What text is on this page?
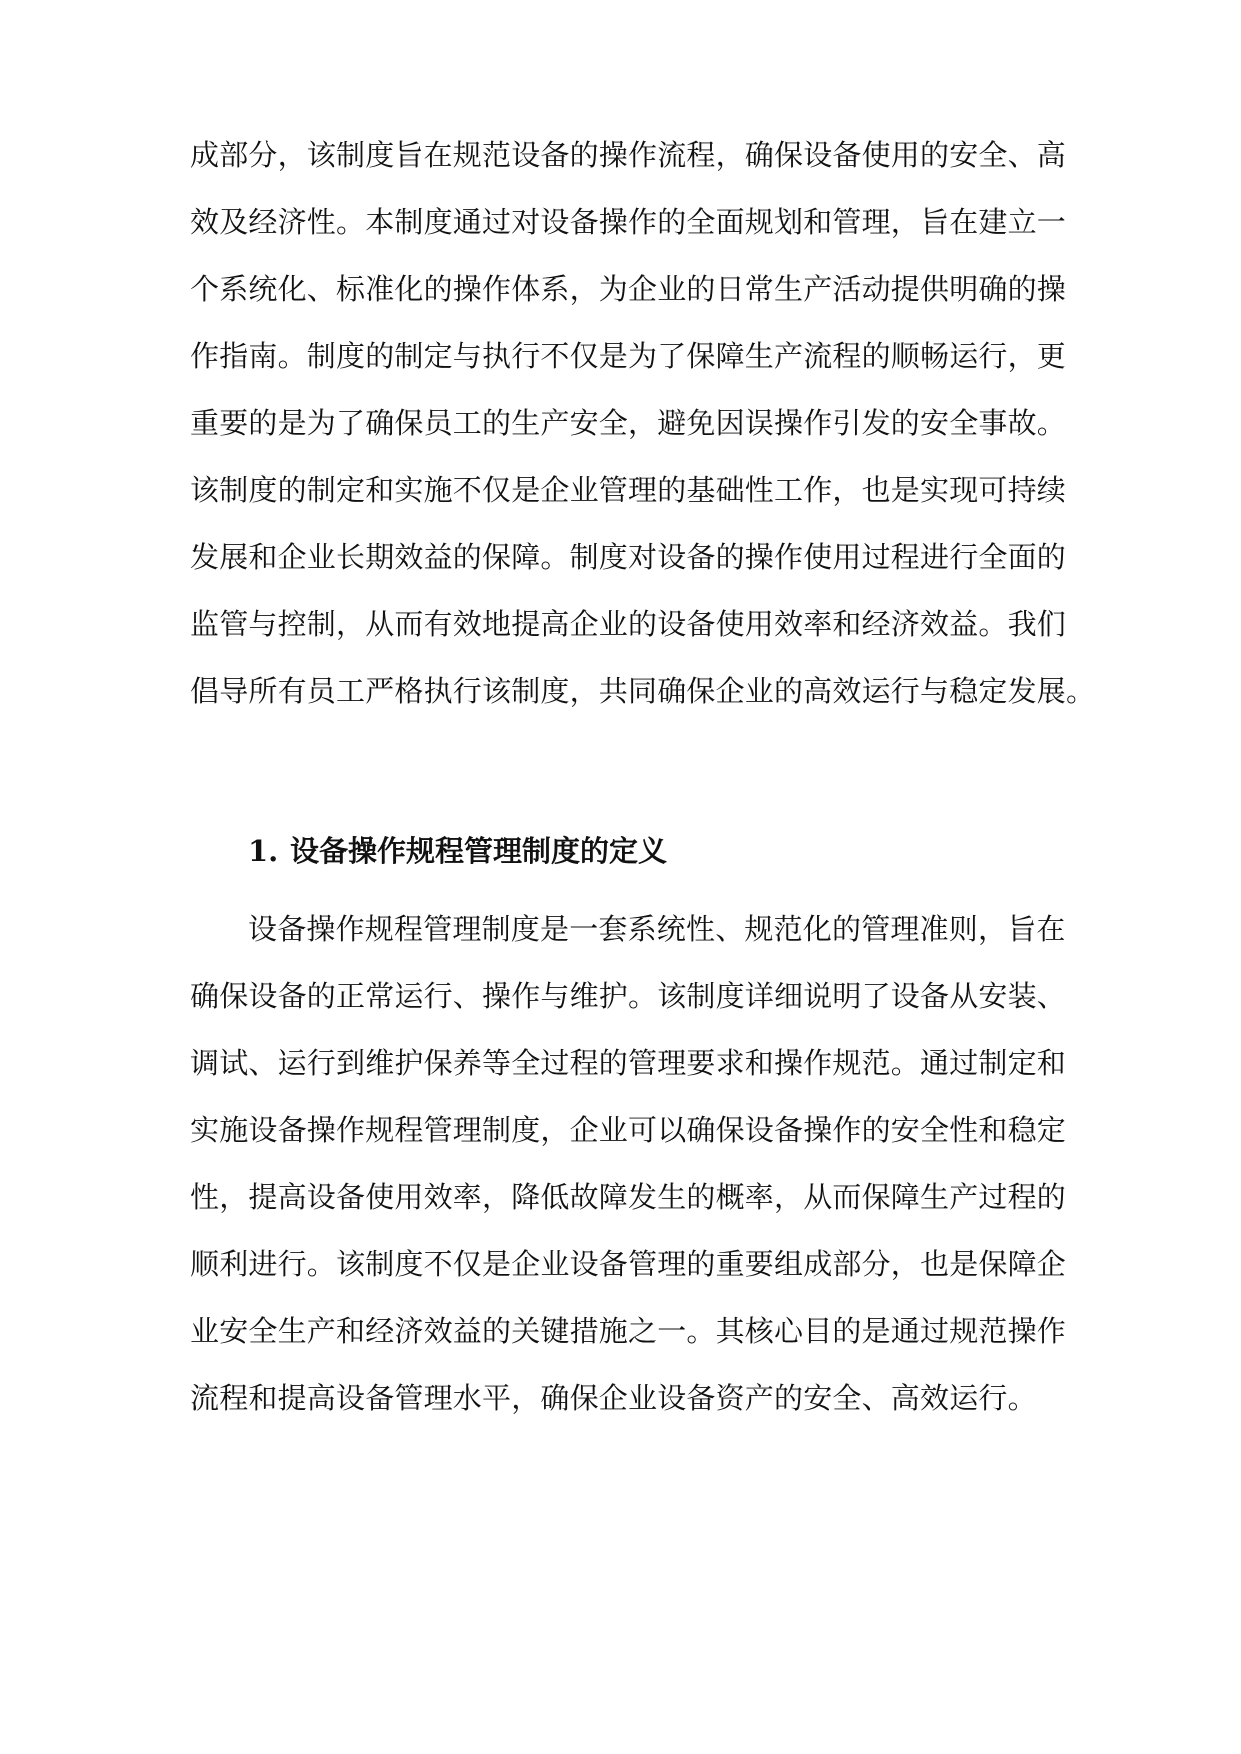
成部分，该制度旨在规范设备的操作流程，确保设备使用的安全、高
效及经济性。本制度通过对设备操作的全面规划和管理，旨在建立一
个系统化、标准化的操作体系，为企业的日常生产活动提供明确的操
作指南。制度的制定与执行不仅是为了保障生产流程的顺畅运行，更
重要的是为了确保员工的生产安全，避免因误操作引发的安全事故。
该制度的制定和实施不仅是企业管理的基础性工作，也是实现可持续
发展和企业长期效益的保障。制度对设备的操作使用过程进行全面的
监管与控制，从而有效地提高企业的设备使用效率和经济效益。我们
倡导所有员工严格执行该制度，共同确保企业的高效运行与稳定发展。
1. 设备操作规程管理制度的定义
设备操作规程管理制度是一套系统性、规范化的管理准则，旨在
确保设备的正常运行、操作与维护。该制度详细说明了设备从安装、
调试、运行到维护保养等全过程的管理要求和操作规范。通过制定和
实施设备操作规程管理制度，企业可以确保设备操作的安全性和稳定
性，提高设备使用效率，降低故障发生的概率，从而保障生产过程的
顺利进行。该制度不仅是企业设备管理的重要组成部分，也是保障企
业安全生产和经济效益的关键措施之一。其核心目的是通过规范操作
流程和提高设备管理水平，确保企业设备资产的安全、高效运行。
